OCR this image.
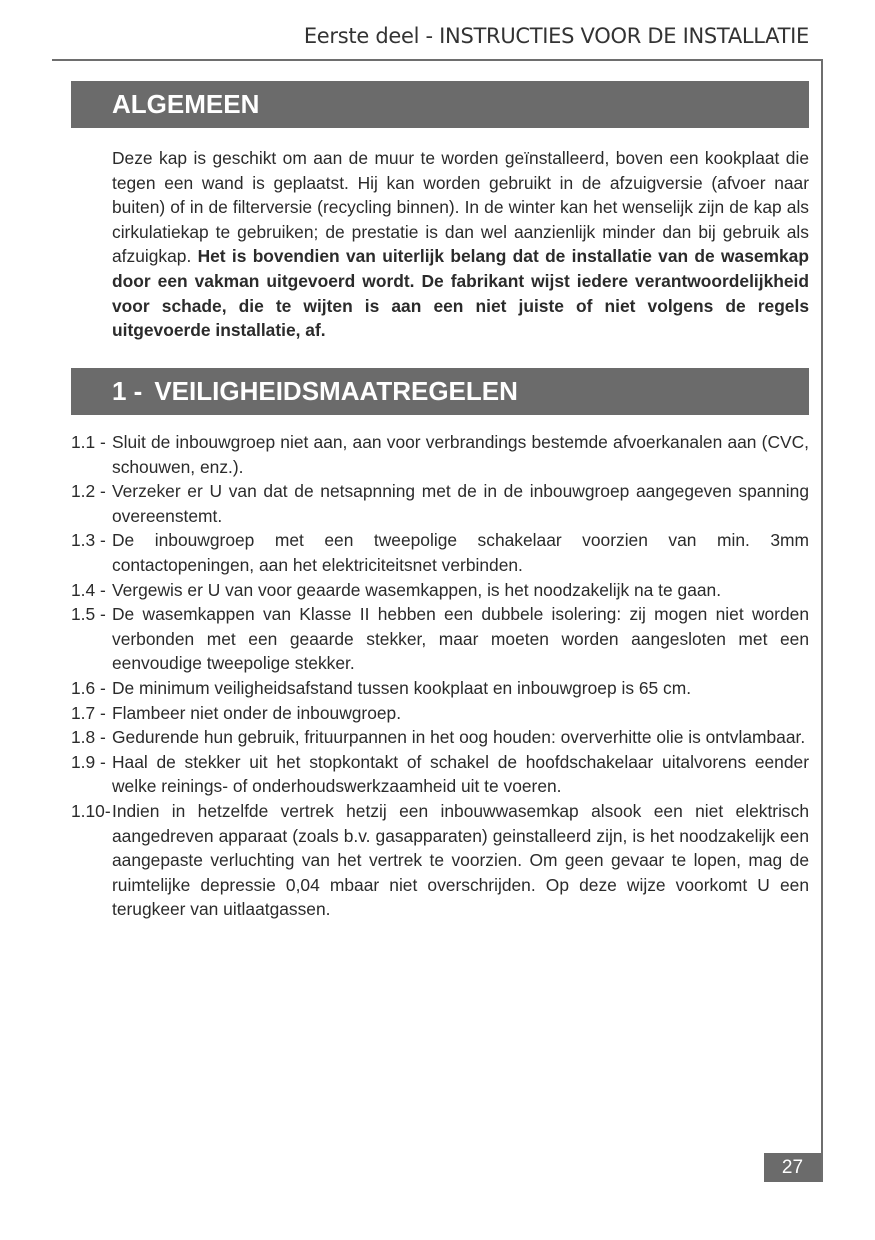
Eerste deel - INSTRUCTIES VOOR DE INSTALLATIE
ALGEMEEN

Deze kap is geschikt om aan de muur te worden geïnstalleerd, boven een kookplaat die tegen een wand is geplaatst. Hij kan worden gebruikt in de afzuigversie (afvoer naar buiten) of in de filterversie (recycling binnen). In de winter kan het wenselijk zijn de kap als cirkulatiekap te gebruiken; de prestatie is dan wel aanzienlijk minder dan bij gebruik als afzuigkap. Het is bovendien van uiterlijk belang dat de installatie van de wasemkap door een vakman uitgevoerd wordt. De fabrikant wijst iedere verantwoordelijkheid voor schade, die te wijten is aan een niet juiste of niet volgens de regels uitgevoerde installatie, af.

1 - VEILIGHEIDSMAATREGELEN
1.1 - Sluit de inbouwgroep niet aan, aan voor verbrandings bestemde afvoerkanalen aan (CVC, schouwen, enz.).
1.2 - Verzeker er U van dat de netsapnning met de in de inbouwgroep aangegeven spanning overeenstemt.
1.3 - De inbouwgroep met een tweepolige schakelaar voorzien van min. 3mm contactopeningen, aan het elektriciteitsnet verbinden.
1.4 - Vergewis er U van voor geaarde wasemkappen, is het noodzakelijk na te gaan.
1.5 - De wasemkappen van Klasse II hebben een dubbele isolering: zij mogen niet worden verbonden met een geaarde stekker, maar moeten worden aangesloten met een eenvoudige tweepolige stekker.
1.6 - De minimum veiligheidsafstand tussen kookplaat en inbouwgroep is 65 cm.
1.7 - Flambeer niet onder de inbouwgroep.
1.8 - Gedurende hun gebruik, frituurpannen in het oog houden: oververhitte olie is ontvlambaar.
1.9 - Haal de stekker uit het stopkontakt of schakel de hoofdschakelaar uitalvorens eender welke reinings- of onderhoudswerkzaamheid uit te voeren.
1.10- Indien in hetzelfde vertrek hetzij een inbouwwasemkap alsook een niet elektrisch aangedreven apparaat (zoals b.v. gasapparaten) geinstalleerd zijn, is het noodzakelijk een aangepaste verluchting van het vertrek te voorzien. Om geen gevaar te lopen, mag de ruimtelijke depressie 0,04 mbaar niet overschrijden. Op deze wijze voorkomt U een terugkeer van uitlaatgassen.
27
